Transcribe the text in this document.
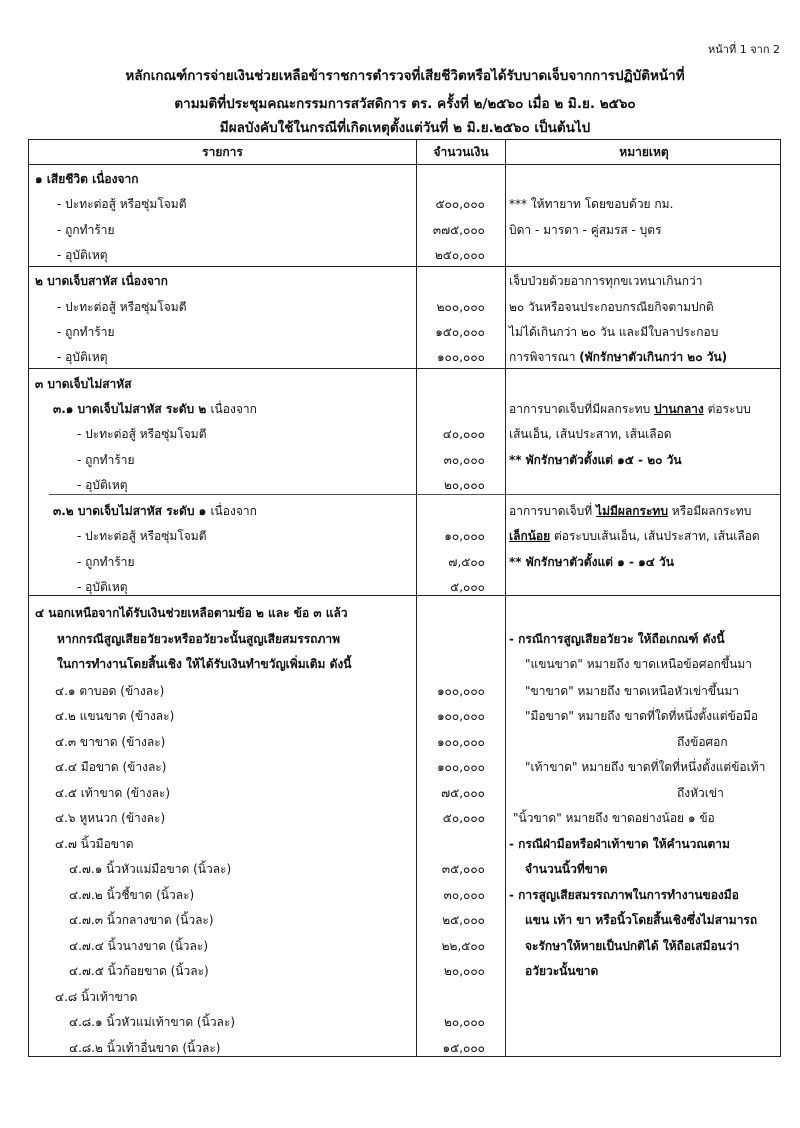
หน้าที่ 1 จาก 2
หลักเกณฑ์การจ่ายเงินช่วยเหลือข้าราชการตำรวจที่เสียชีวิตหรือได้รับบาดเจ็บจากการปฏิบัติหน้าที่
ตามมติที่ประชุมคณะกรรมการสวัสดิการ ตร. ครั้งที่ ๒/๒๕๖๐ เมื่อ ๒ มิ.ย. ๒๕๖๐
มีผลบังคับใช้ในกรณีที่เกิดเหตุตั้งแต่วันที่ ๒ มิ.ย.๒๕๖๐ เป็นต้นไป
รายการ	จำนวนเงิน	หมายเหตุ
๑ เสียชีวิต เนื่องจาก
- ปะทะต่อสู้ หรือซุ่มโจมตี
- ถูกทำร้าย
- อุบัติเหตุ
๕๐๐,๐๐๐
๓๗๕,๐๐๐
๒๕๐,๐๐๐
*** ให้ทายาท โดยขอบด้วย กม.
บิดา - มารดา - คู่สมรส - บุตร
๒ บาดเจ็บสาหัส เนื่องจาก
- ปะทะต่อสู้ หรือซุ่มโจมตี
- ถูกทำร้าย
- อุบัติเหตุ
๒๐๐,๐๐๐
๑๕๐,๐๐๐
๑๐๐,๐๐๐
เจ็บป่วยด้วยอาการทุกขเวทนาเกินกว่า
๒๐ วันหรือจนประกอบกรณียกิจตามปกติ
ไม่ได้เกินกว่า ๒๐ วัน และมีใบลาประกอบ
การพิจารณา (พักรักษาตัวเกินกว่า ๒๐ วัน)
๓ บาดเจ็บไม่สาหัส
๓.๑ บาดเจ็บไม่สาหัส ระดับ ๒ เนื่องจาก
- ปะทะต่อสู้ หรือซุ่มโจมตี
- ถูกทำร้าย
- อุบัติเหตุ
๔๐,๐๐๐
๓๐,๐๐๐
๒๐,๐๐๐
อาการบาดเจ็บที่มีผลกระทบ ปานกลาง ต่อระบบ
เส้นเอ็น, เส้นประสาท, เส้นเลือด
** พักรักษาตัวตั้งแต่ ๑๕ - ๒๐ วัน
๓.๒ บาดเจ็บไม่สาหัส ระดับ ๑ เนื่องจาก
- ปะทะต่อสู้ หรือซุ่มโจมตี
- ถูกทำร้าย
- อุบัติเหตุ
๑๐,๐๐๐
๗,๕๐๐
๕,๐๐๐
อาการบาดเจ็บที่ ไม่มีผลกระทบ หรือมีผลกระทบ
เล็กน้อย ต่อระบบเส้นเอ็น, เส้นประสาท, เส้นเลือด
** พักรักษาตัวตั้งแต่ ๑ - ๑๔ วัน
๔ นอกเหนือจากได้รับเงินช่วยเหลือตามข้อ ๒ และ ข้อ ๓ แล้ว
หากกรณีสูญเสียอวัยวะหรืออวัยวะนั้นสูญเสียสมรรถภาพ
ในการทำงานโดยสิ้นเชิง ให้ได้รับเงินทำขวัญเพิ่มเติม ดังนี้
๔.๑ ตาบอด (ข้างละ)
๔.๒ แขนขาด (ข้างละ)
๔.๓ ขาขาด (ข้างละ)
๔.๔ มือขาด (ข้างละ)
๔.๕ เท้าขาด (ข้างละ)
๔.๖ หูหนวก (ข้างละ)
๑๐๐,๐๐๐
๑๐๐,๐๐๐
๑๐๐,๐๐๐
๑๐๐,๐๐๐
๗๕,๐๐๐
๕๐,๐๐๐
๔.๗ นิ้วมือขาด
๔.๗.๑ นิ้วหัวแม่มือขาด (นิ้วละ)
๔.๗.๒ นิ้วชี้ขาด (นิ้วละ)
๔.๗.๓ นิ้วกลางขาด (นิ้วละ)
๔.๗.๔ นิ้วนางขาด (นิ้วละ)
๔.๗.๕ นิ้วก้อยขาด (นิ้วละ)
๓๕,๐๐๐
๓๐,๐๐๐
๒๕,๐๐๐
๒๒,๕๐๐
๒๐,๐๐๐
๔.๘ นิ้วเท้าขาด
๔.๘.๑ นิ้วหัวแม่เท้าขาด (นิ้วละ)
๔.๘.๒ นิ้วเท้าอื่นขาด (นิ้วละ)
๒๐,๐๐๐
๑๕,๐๐๐
- กรณีการสูญเสียอวัยวะ ให้ถือเกณฑ์ ดังนี้
"แขนขาด" หมายถึง ขาดเหนือข้อศอกขึ้นมา
"ขาขาด" หมายถึง ขาดเหนือหัวเข่าขึ้นมา
"มือขาด" หมายถึง ขาดที่ใดที่หนึ่งตั้งแต่ข้อมือ
ถึงข้อศอก
"เท้าขาด" หมายถึง ขาดที่ใดที่หนึ่งตั้งแต่ข้อเท้า
ถึงหัวเข่า
"นิ้วขาด" หมายถึง ขาดอย่างน้อย ๑ ข้อ
- กรณีฝ่ามือหรือฝ่าเท้าขาด ให้คำนวณตาม
จำนวนนิ้วที่ขาด
- การสูญเสียสมรรถภาพในการทำงานของมือ
แขน เท้า ขา หรือนิ้วโดยสิ้นเชิงซึ่งไม่สามารถ
จะรักษาให้หายเป็นปกติได้ ให้ถือเสมือนว่า
อวัยวะนั้นขาด
